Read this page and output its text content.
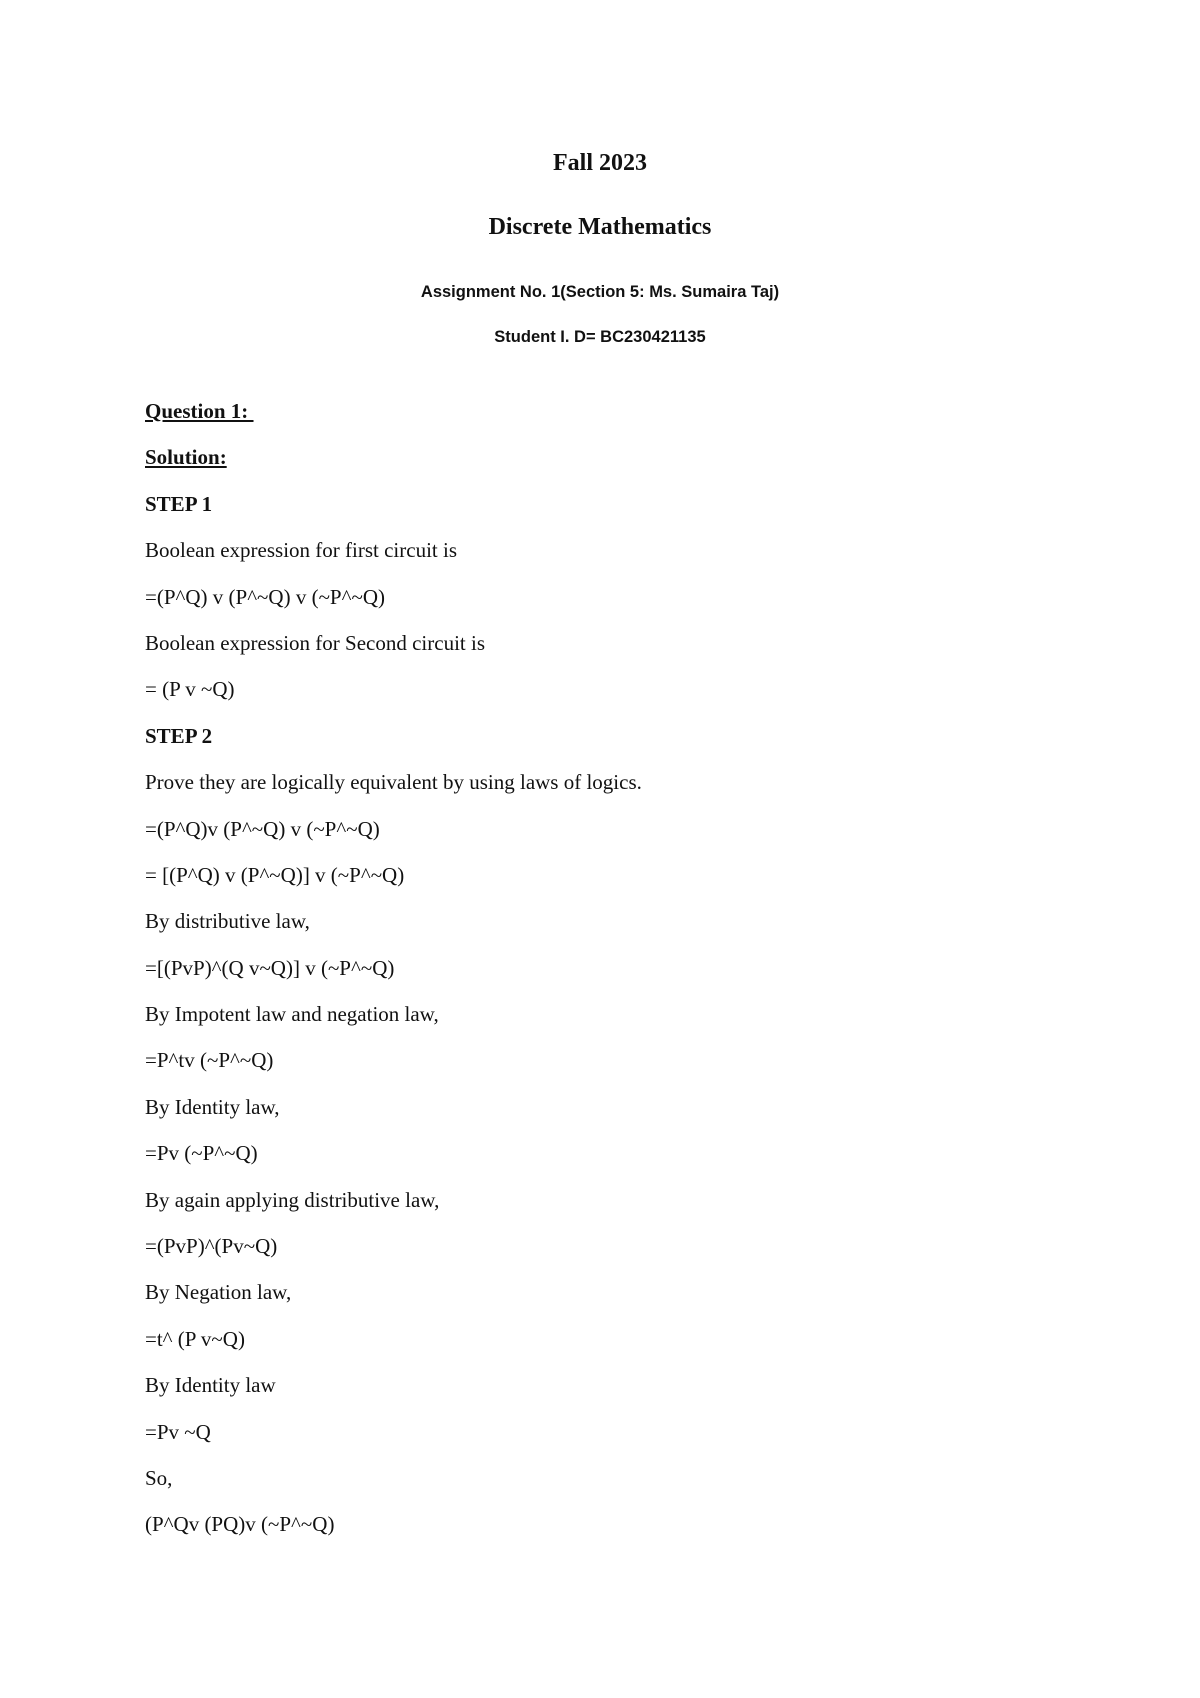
Fall 2023
Discrete Mathematics
Assignment No. 1(Section 5: Ms. Sumaira Taj)
Student I. D= BC230421135
Question 1:
Solution:
STEP 1
Boolean expression for first circuit is
=(P^Q) v (P^~Q) v (~P^~Q)
Boolean expression for Second circuit is
= (P v ~Q)
STEP 2
Prove they are logically equivalent by using laws of logics.
=(P^Q)v (P^~Q) v (~P^~Q)
= [(P^Q) v (P^~Q)] v (~P^~Q)
By distributive law,
=[(PvP)^(Q v~Q)] v (~P^~Q)
By Impotent law and negation law,
=P^tv (~P^~Q)
By Identity law,
=Pv (~P^~Q)
By again applying distributive law,
=(PvP)^(Pv~Q)
By Negation law,
=t^ (P v~Q)
By Identity law
=Pv ~Q
So,
(P^Qv (PQ)v (~P^~Q)
